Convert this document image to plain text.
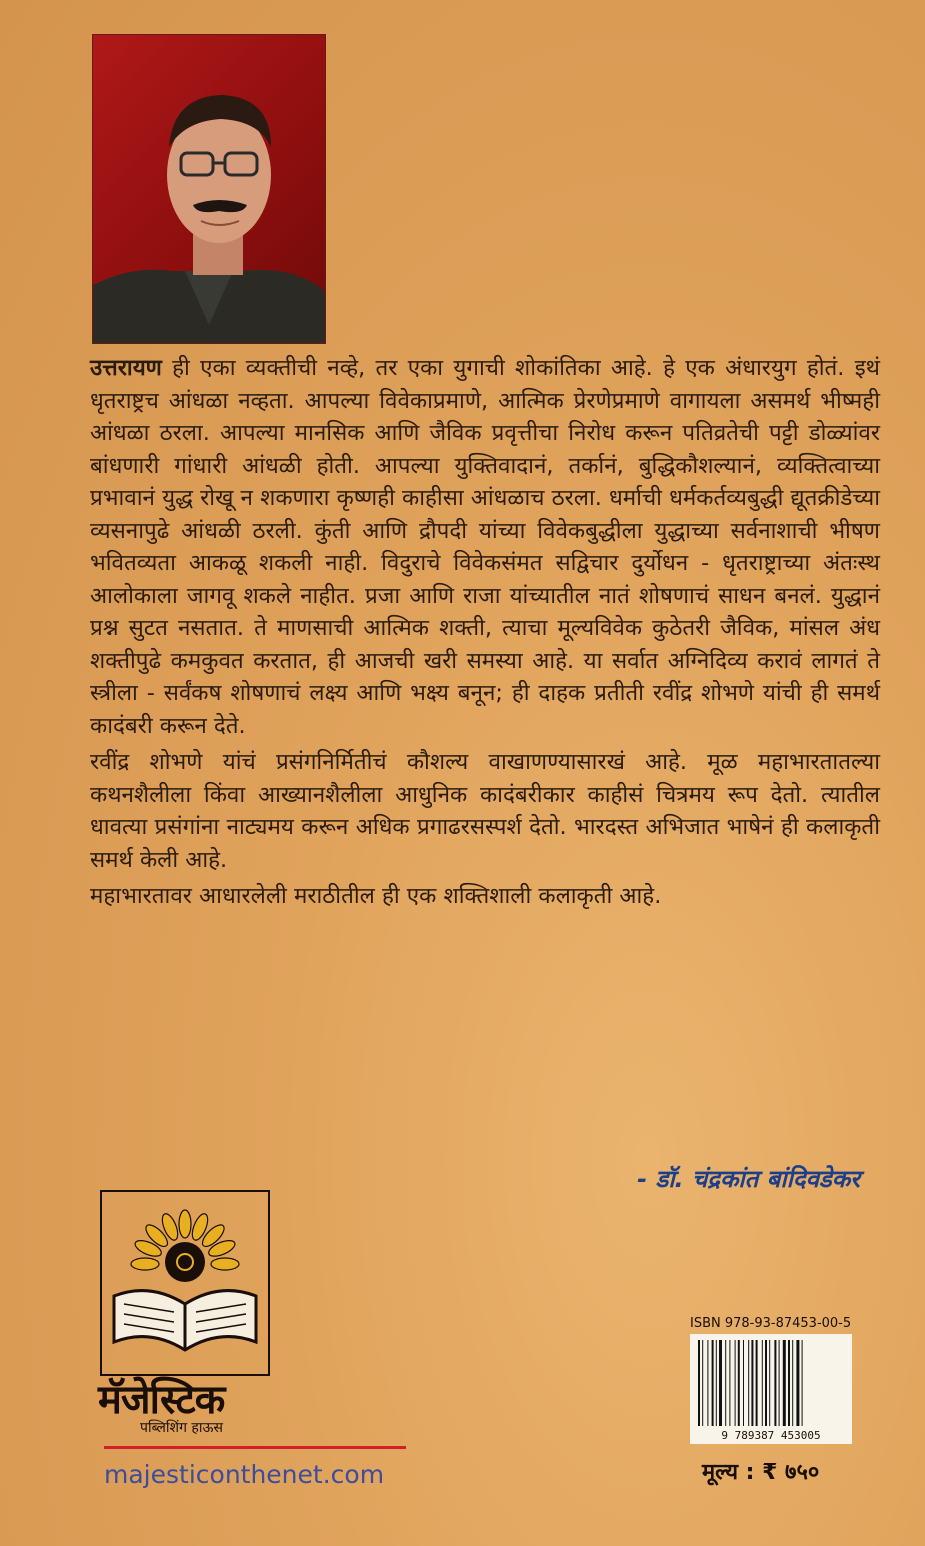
उत्तरायण ही एका व्यक्तीची नव्हे, तर एका युगाची शोकांतिका आहे. हे एक अंधारयुग होतं. इथं धृतराष्ट्रच आंधळा नव्हता. आपल्या विवेकाप्रमाणे, आत्मिक प्रेरणेप्रमाणे वागायला असमर्थ भीष्मही आंधळा ठरला. आपल्या मानसिक आणि जैविक प्रवृत्तीचा निरोध करून पतिव्रतेची पट्टी डोळ्यांवर बांधणारी गांधारी आंधळी होती. आपल्या युक्तिवादानं, तर्कानं, बुद्धिकौशल्यानं, व्यक्तित्वाच्या प्रभावानं युद्ध रोखू न शकणारा कृष्णही काहीसा आंधळाच ठरला. धर्माची धर्मकर्तव्यबुद्धी द्यूतक्रीडेच्या व्यसनापुढे आंधळी ठरली. कुंती आणि द्रौपदी यांच्या विवेकबुद्धीला युद्धाच्या सर्वनाशाची भीषण भवितव्यता आकळू शकली नाही. विदुराचे विवेकसंमत सद्विचार दुर्योधन - धृतराष्ट्राच्या अंतःस्थ आलोकाला जागवू शकले नाहीत. प्रजा आणि राजा यांच्यातील नातं शोषणाचं साधन बनलं. युद्धानं प्रश्न सुटत नसतात. ते माणसाची आत्मिक शक्ती, त्याचा मूल्यविवेक कुठेतरी जैविक, मांसल अंध शक्तीपुढे कमकुवत करतात, ही आजची खरी समस्या आहे. या सर्वात अग्निदिव्य करावं लागतं ते स्त्रीला - सर्वंकष शोषणाचं लक्ष्य आणि भक्ष्य बनून; ही दाहक प्रतीती रवींद्र शोभणे यांची ही समर्थ कादंबरी करून देते.

रवींद्र शोभणे यांचं प्रसंगनिर्मितीचं कौशल्य वाखाणण्यासारखं आहे. मूळ महाभारतातल्या कथनशैलीला किंवा आख्यानशैलीला आधुनिक कादंबरीकार काहीसं चित्रमय रूप देतो. त्यातील धावत्या प्रसंगांना नाट्यमय करून अधिक प्रगाढरसस्पर्श देतो. भारदस्त अभिजात भाषेनं ही कलाकृती समर्थ केली आहे.

महाभारतावर आधारलेली मराठीतील ही एक शक्तिशाली कलाकृती आहे.

- डॉ. चंद्रकांत बांदिवडेकर
मॅजेस्टिक
पब्लिशिंग हाऊस
majesticonthenet.com
ISBN 978-93-87453-00-5
9 789387 453005
मूल्य : ₹ ७५०
